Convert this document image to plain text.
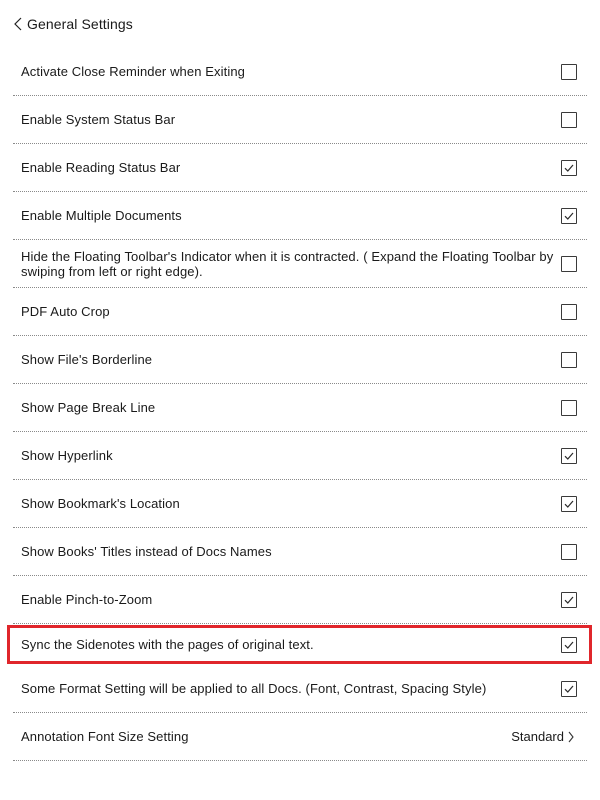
General Settings
Activate Close Reminder when Exiting
Enable System Status Bar
Enable Reading Status Bar
Enable Multiple Documents
Hide the Floating Toolbar's Indicator when it is contracted. ( Expand the Floating Toolbar by swiping from left or right edge).
PDF Auto Crop
Show File's Borderline
Show Page Break Line
Show Hyperlink
Show Bookmark's Location
Show Books' Titles instead of Docs Names
Enable Pinch-to-Zoom
Sync the Sidenotes with the pages of original text.
Some Format Setting will be applied to all Docs. (Font, Contrast, Spacing Style)
Annotation Font Size Setting	Standard
